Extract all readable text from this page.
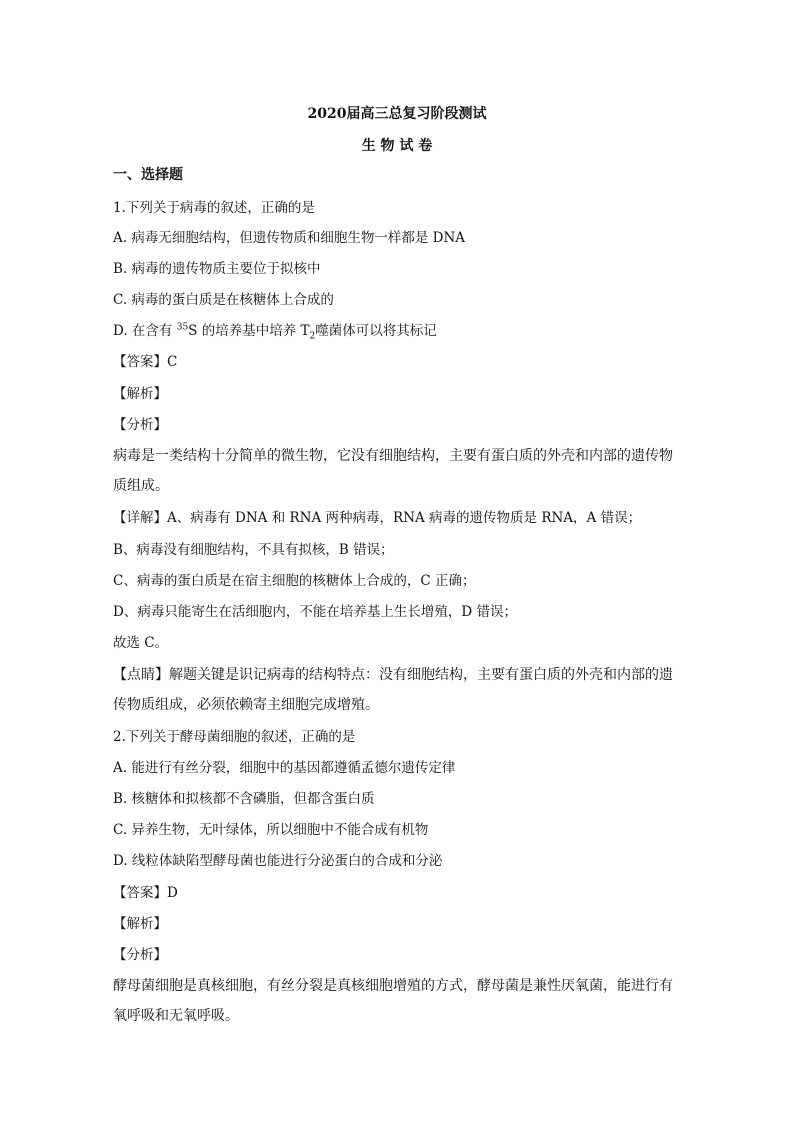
2020届高三总复习阶段测试
生 物 试 卷
一、选择题
1.下列关于病毒的叙述，正确的是
A. 病毒无细胞结构，但遗传物质和细胞生物一样都是 DNA
B. 病毒的遗传物质主要位于拟核中
C. 病毒的蛋白质是在核糖体上合成的
D. 在含有 $^{35}$S 的培养基中培养 $T_2$噬菌体可以将其标记
【答案】C
【解析】
【分析】
病毒是一类结构十分简单的微生物，它没有细胞结构，主要有蛋白质的外壳和内部的遗传物质组成。
【详解】A、病毒有 DNA 和 RNA 两种病毒，RNA 病毒的遗传物质是 RNA，A 错误；
B、病毒没有细胞结构，不具有拟核，B 错误；
C、病毒的蛋白质是在宿主细胞的核糖体上合成的，C 正确；
D、病毒只能寄生在活细胞内，不能在培养基上生长增殖，D 错误；
故选 C。
【点睛】解题关键是识记病毒的结构特点：没有细胞结构，主要有蛋白质的外壳和内部的遗传物质组成，必须依赖寄主细胞完成增殖。
2.下列关于酵母菌细胞的叙述，正确的是
A. 能进行有丝分裂，细胞中的基因都遵循孟德尔遗传定律
B. 核糖体和拟核都不含磷脂，但都含蛋白质
C. 异养生物，无叶绿体，所以细胞中不能合成有机物
D. 线粒体缺陷型酵母菌也能进行分泌蛋白的合成和分泌
【答案】D
【解析】
【分析】
酵母菌细胞是真核细胞，有丝分裂是真核细胞增殖的方式，酵母菌是兼性厌氧菌，能进行有氧呼吸和无氧呼吸。
